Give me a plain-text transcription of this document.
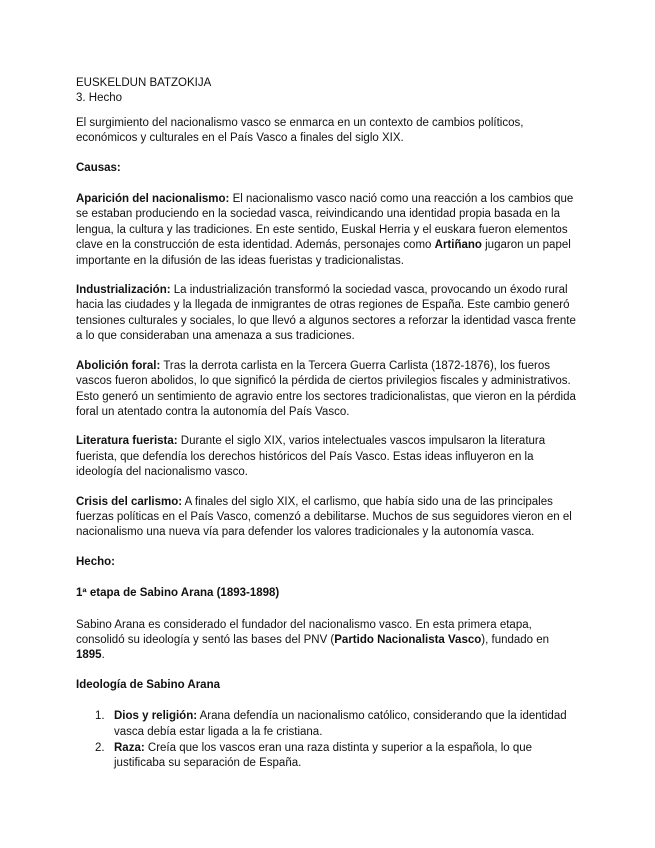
EUSKELDUN BATZOKIJA
3. Hecho

El surgimiento del nacionalismo vasco se enmarca en un contexto de cambios políticos, económicos y culturales en el País Vasco a finales del siglo XIX.

Causas:

Aparición del nacionalismo: El nacionalismo vasco nació como una reacción a los cambios que se estaban produciendo en la sociedad vasca, reivindicando una identidad propia basada en la lengua, la cultura y las tradiciones. En este sentido, Euskal Herria y el euskara fueron elementos clave en la construcción de esta identidad. Además, personajes como Artiñano jugaron un papel importante en la difusión de las ideas fueristas y tradicionalistas.

Industrialización: La industrialización transformó la sociedad vasca, provocando un éxodo rural hacia las ciudades y la llegada de inmigrantes de otras regiones de España. Este cambio generó tensiones culturales y sociales, lo que llevó a algunos sectores a reforzar la identidad vasca frente a lo que consideraban una amenaza a sus tradiciones.

Abolición foral: Tras la derrota carlista en la Tercera Guerra Carlista (1872-1876), los fueros vascos fueron abolidos, lo que significó la pérdida de ciertos privilegios fiscales y administrativos. Esto generó un sentimiento de agravio entre los sectores tradicionalistas, que vieron en la pérdida foral un atentado contra la autonomía del País Vasco.

Literatura fuerista: Durante el siglo XIX, varios intelectuales vascos impulsaron la literatura fuerista, que defendía los derechos históricos del País Vasco. Estas ideas influyeron en la ideología del nacionalismo vasco.

Crisis del carlismo: A finales del siglo XIX, el carlismo, que había sido una de las principales fuerzas políticas en el País Vasco, comenzó a debilitarse. Muchos de sus seguidores vieron en el nacionalismo una nueva vía para defender los valores tradicionales y la autonomía vasca.

Hecho:

1ª etapa de Sabino Arana (1893-1898)

Sabino Arana es considerado el fundador del nacionalismo vasco. En esta primera etapa, consolidó su ideología y sentó las bases del PNV (Partido Nacionalista Vasco), fundado en 1895.

Ideología de Sabino Arana

1. Dios y religión: Arana defendía un nacionalismo católico, considerando que la identidad vasca debía estar ligada a la fe cristiana.
2. Raza: Creía que los vascos eran una raza distinta y superior a la española, lo que justificaba su separación de España.
